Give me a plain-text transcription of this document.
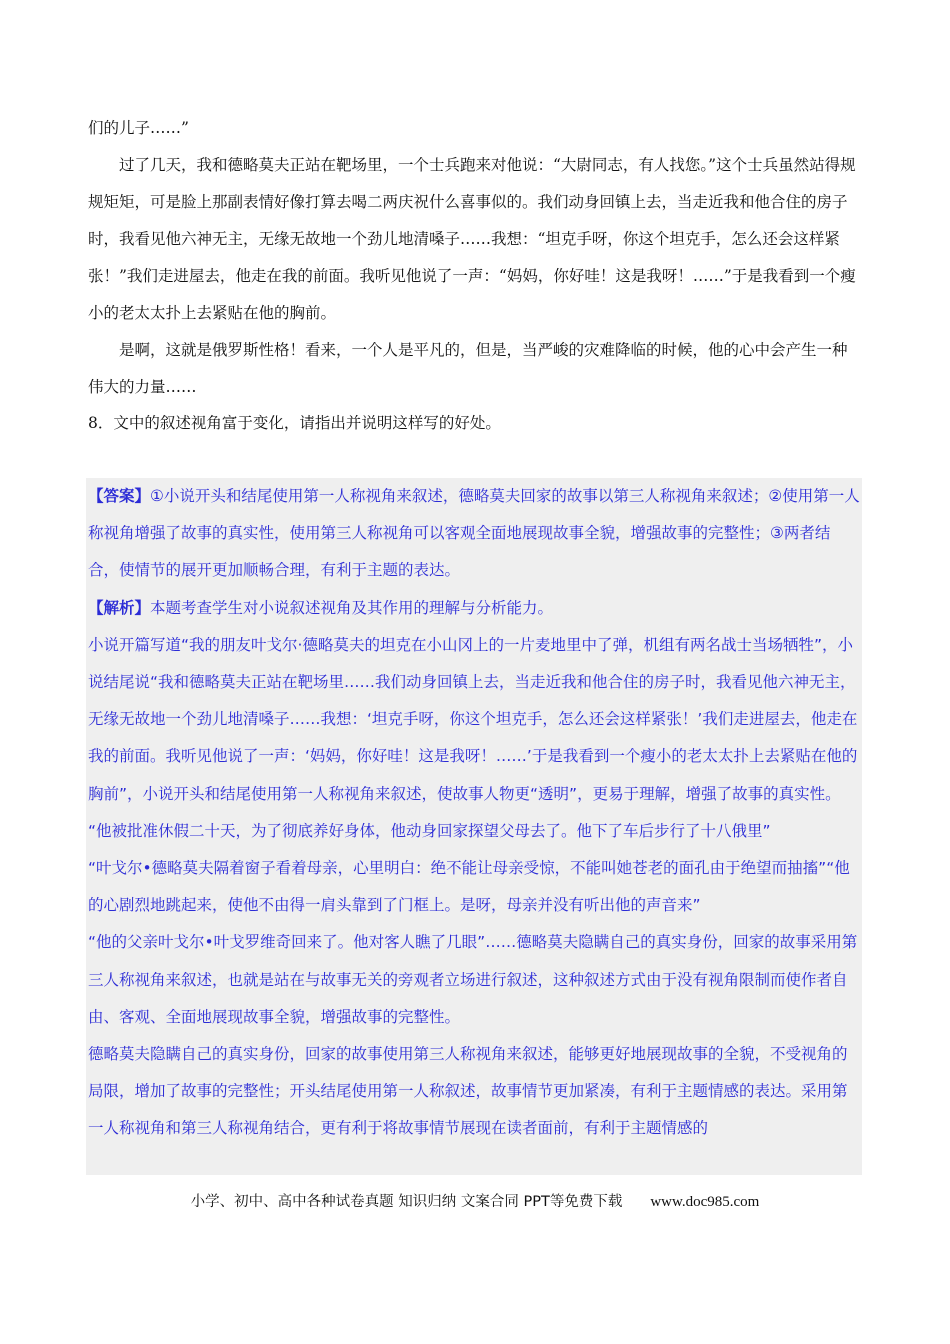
们的儿子……”

过了几天，我和德略莫夫正站在靶场里，一个士兵跑来对他说：“大尉同志，有人找您。”这个士兵虽然站得规规矩矩，可是脸上那副表情好像打算去喝二两庆祝什么喜事似的。我们动身回镇上去，当走近我和他合住的房子时，我看见他六神无主，无缘无故地一个劲儿地清嗓子……我想：“坦克手呀，你这个坦克手，怎么还会这样紧张！”我们走进屋去，他走在我的前面。我听见他说了一声：“妈妈，你好哇！这是我呀！……”于是我看到一个瘦小的老太太扑上去紧贴在他的胸前。

是啊，这就是俄罗斯性格！看来，一个人是平凡的，但是，当严峻的灾难降临的时候，他的心中会产生一种伟大的力量……

8．文中的叙述视角富于变化，请指出并说明这样写的好处。

【答案】①小说开头和结尾使用第一人称视角来叙述，德略莫夫回家的故事以第三人称视角来叙述；②使用第一人称视角增强了故事的真实性，使用第三人称视角可以客观全面地展现故事全貌，增强故事的完整性；③两者结合，使情节的展开更加顺畅合理，有利于主题的表达。

【解析】本题考查学生对小说叙述视角及其作用的理解与分析能力。

小说开篇写道“我的朋友叶戈尔·德略莫夫的坦克在小山冈上的一片麦地里中了弹，机组有两名战士当场牺牲”，小说结尾说“我和德略莫夫正站在靶场里……我们动身回镇上去，当走近我和他合住的房子时，我看见他六神无主，无缘无故地一个劲儿地清嗓子……我想：‘坦克手呀，你这个坦克手，怎么还会这样紧张！’我们走进屋去，他走在我的前面。我听见他说了一声：‘妈妈，你好哇！这是我呀！……’于是我看到一个瘦小的老太太扑上去紧贴在他的胸前”，小说开头和结尾使用第一人称视角来叙述，使故事人物更“透明”，更易于理解，增强了故事的真实性。

“他被批准休假二十天，为了彻底养好身体，他动身回家探望父母去了。他下了车后步行了十八俄里”

“叶戈尔•德略莫夫隔着窗子看着母亲，心里明白：绝不能让母亲受惊，不能叫她苍老的面孔由于绝望而抽搐”“他的心剧烈地跳起来，使他不由得一肩头靠到了门框上。是呀，母亲并没有听出他的声音来”

“他的父亲叶戈尔•叶戈罗维奇回来了。他对客人瞧了几眼”……德略莫夫隐瞒自己的真实身份，回家的故事采用第三人称视角来叙述，也就是站在与故事无关的旁观者立场进行叙述，这种叙述方式由于没有视角限制而使作者自由、客观、全面地展现故事全貌，增强故事的完整性。

德略莫夫隐瞒自己的真实身份，回家的故事使用第三人称视角来叙述，能够更好地展现故事的全貌，不受视角的局限，增加了故事的完整性；开头结尾使用第一人称叙述，故事情节更加紧凑，有利于主题情感的表达。采用第一人称视角和第三人称视角结合，更有利于将故事情节展现在读者面前，有利于主题情感的

小学、初中、高中各种试卷真题 知识归纳 文案合同 PPT等免费下载 www.doc985.com
